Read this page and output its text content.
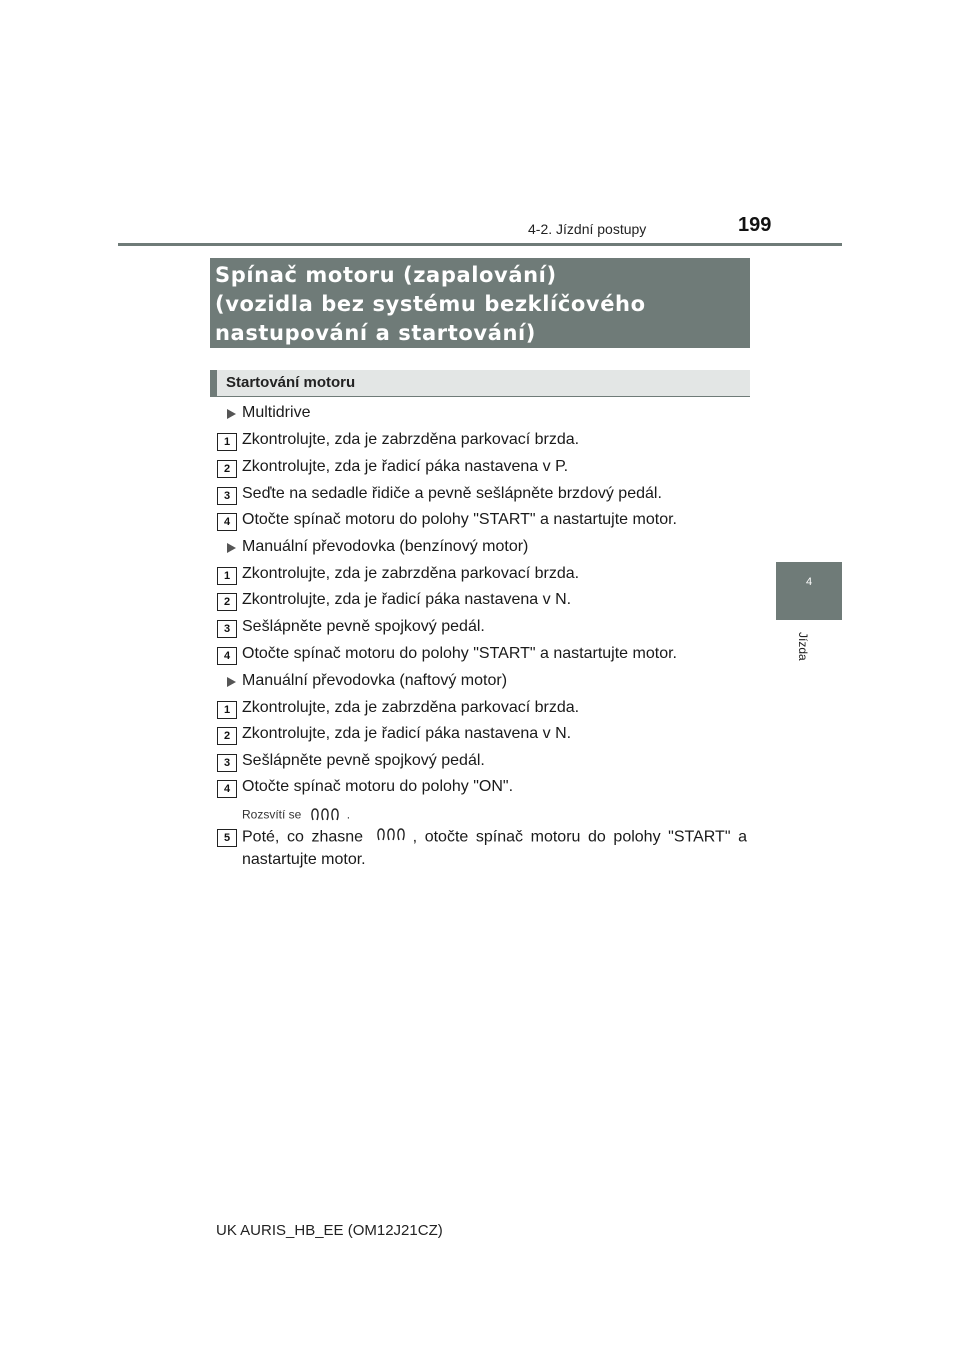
4-2. Jízdní postupy	199
4
Jízda
Spínač motoru (zapalování)
(vozidla bez systému bezklíčového
nastupování a startování)
Startování motoru
Multidrive
1 Zkontrolujte, zda je zabrzděna parkovací brzda.
2 Zkontrolujte, zda je řadicí páka nastavena v P.
3 Seďte na sedadle řidiče a pevně sešlápněte brzdový pedál.
4 Otočte spínač motoru do polohy "START" a nastartujte motor.
Manuální převodovka (benzínový motor)
1 Zkontrolujte, zda je zabrzděna parkovací brzda.
2 Zkontrolujte, zda je řadicí páka nastavena v N.
3 Sešlápněte pevně spojkový pedál.
4 Otočte spínač motoru do polohy "START" a nastartujte motor.
Manuální převodovka (naftový motor)
1 Zkontrolujte, zda je zabrzděna parkovací brzda.
2 Zkontrolujte, zda je řadicí páka nastavena v N.
3 Sešlápněte pevně spojkový pedál.
4 Otočte spínač motoru do polohy "ON".
Rozsvítí se	.
5 Poté, co zhasne	, otočte spínač motoru do polohy "START" a nastartujte motor.
UK AURIS_HB_EE (OM12J21CZ)
